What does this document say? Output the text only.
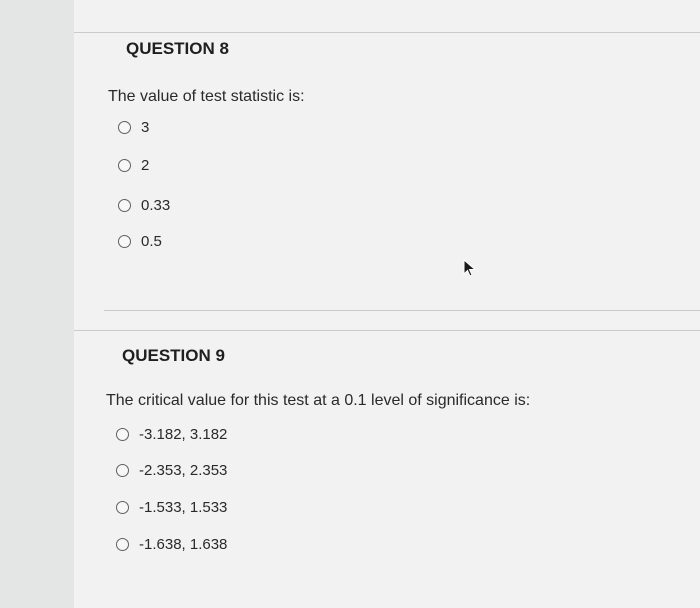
QUESTION 8
The value of test statistic is:
3
2
0.33
0.5
QUESTION 9
The critical value for this test at a 0.1 level of significance is:
-3.182, 3.182
-2.353, 2.353
-1.533, 1.533
-1.638, 1.638
